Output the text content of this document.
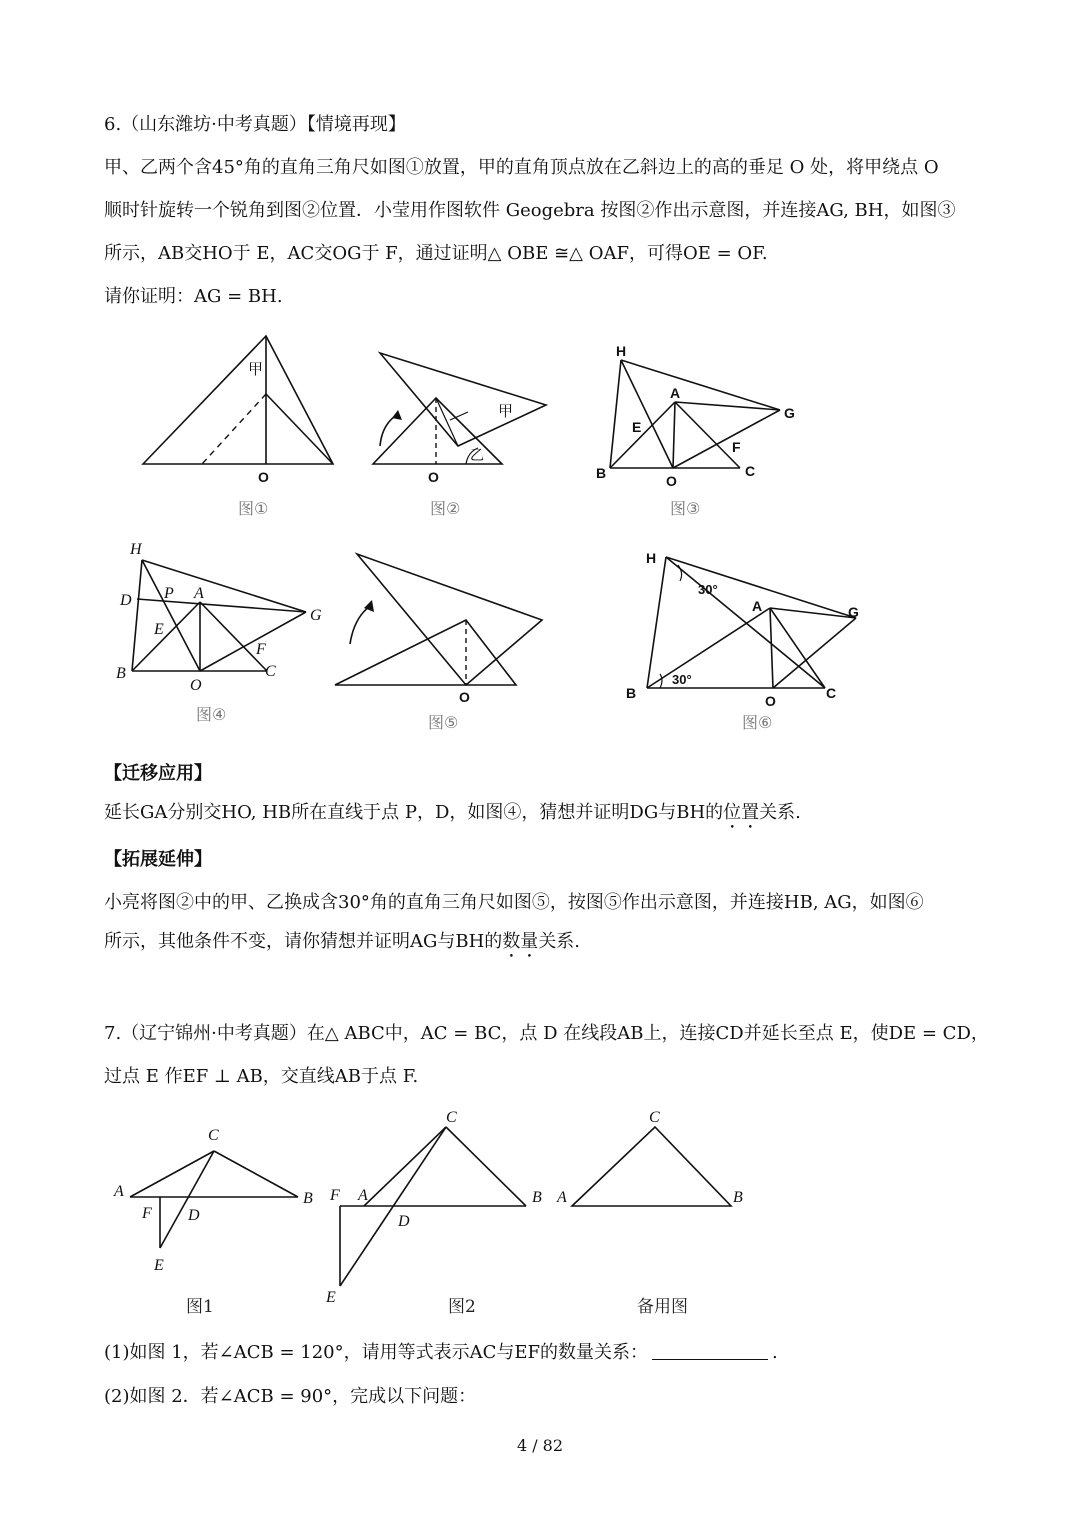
6.（山东潍坊·中考真题）【情境再现】
甲、乙两个含45°角的直角三角尺如图①放置，甲的直角顶点放在乙斜边上的高的垂足 O 处，将甲绕点 O
顺时针旋转一个锐角到图②位置．小莹用作图软件 Geogebra 按图②作出示意图，并连接AG, BH，如图③
所示，AB交HO于 E，AC交OG于 F，通过证明△ OBE ≅△ OAF，可得OE = OF.
请你证明：AG = BH.
甲
O
图①
甲
乙
O
图②
H
A
G
E
F
B	C
O
图③
H
D P A
G
E
F
B	C
O
图④
O
图⑤
H
30°
A	G
30°
B	C
O
图⑥
【迁移应用】
延长GA分别交HO, HB所在直线于点 P，D，如图④，猜想并证明DG与BH的位置关系.
【拓展延伸】
小亮将图②中的甲、乙换成含30°角的直角三角尺如图⑤，按图⑤作出示意图，并连接HB, AG，如图⑥
所示，其他条件不变，请你猜想并证明AG与BH的数量关系.
7.（辽宁锦州·中考真题）在△ ABC中，AC = BC，点 D 在线段AB上，连接CD并延长至点 E，使DE = CD，
过点 E 作EF ⊥ AB，交直线AB于点 F.
C
A	B
F D
E
图1
C
F A	B
D
E	图2
C
A	B
备用图
(1)如图 1，若∠ACB = 120°，请用等式表示AC与EF的数量关系：	.
(2)如图 2．若∠ACB = 90°，完成以下问题：
4 / 82
